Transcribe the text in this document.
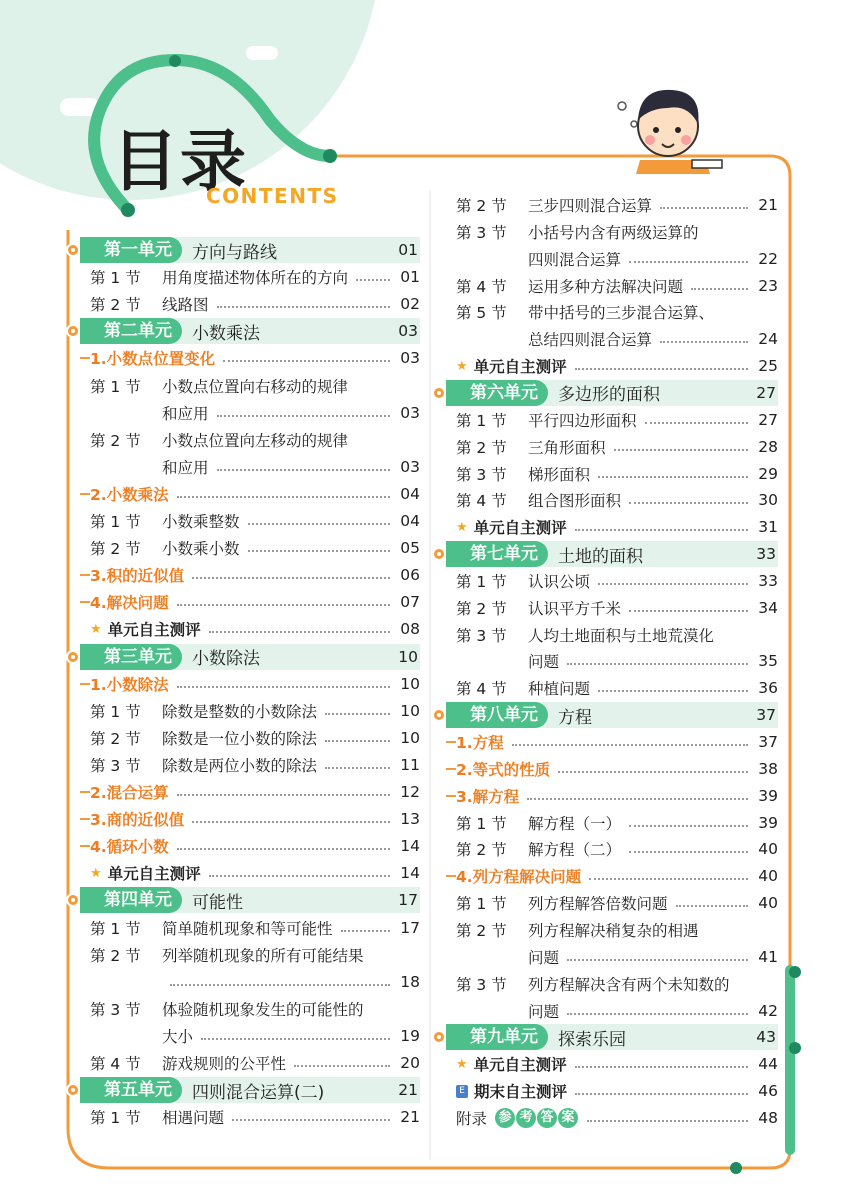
目录
CONTENTS
第一单元	方向与路线	01
第 1 节	用角度描述物体所在的方向	01
第 2 节	线路图	02
第二单元	小数乘法	03
1.小数点位置变化	03
第 1 节	小数点位置向右移动的规律
和应用	03
第 2 节	小数点位置向左移动的规律
和应用	03
2.小数乘法	04
第 1 节	小数乘整数	04
第 2 节	小数乘小数	05
3.积的近似值	06
4.解决问题	07
★ 单元自主测评	08
第三单元	小数除法	10
1.小数除法	10
第 1 节	除数是整数的小数除法	10
第 2 节	除数是一位小数的除法	10
第 3 节	除数是两位小数的除法	11
2.混合运算	12
3.商的近似值	13
4.循环小数	14
★ 单元自主测评	14
第四单元	可能性	17
第 1 节	简单随机现象和等可能性	17
第 2 节	列举随机现象的所有可能结果
18
第 3 节	体验随机现象发生的可能性的
大小	19
第 4 节	游戏规则的公平性	20
第五单元	四则混合运算(二)	21
第 1 节	相遇问题	21
第 2 节	三步四则混合运算	21
第 3 节	小括号内含有两级运算的
四则混合运算	22
第 4 节	运用多种方法解决问题	23
第 5 节	带中括号的三步混合运算、
总结四则混合运算	24
★ 单元自主测评	25
第六单元	多边形的面积	27
第 1 节	平行四边形面积	27
第 2 节	三角形面积	28
第 3 节	梯形面积	29
第 4 节	组合图形面积	30
★ 单元自主测评	31
第七单元	土地的面积	33
第 1 节	认识公顷	33
第 2 节	认识平方千米	34
第 3 节	人均土地面积与土地荒漠化
问题	35
第 4 节	种植问题	36
第八单元	方程	37
1.方程	37
2.等式的性质	38
3.解方程	39
第 1 节	解方程（一）	39
第 2 节	解方程（二）	40
4.列方程解决问题	40
第 1 节	列方程解答倍数问题	40
第 2 节	列方程解决稍复杂的相遇
问题	41
第 3 节	列方程解决含有两个未知数的
问题	42
第九单元	探索乐园	43
★ 单元自主测评	44
E 期末自主测评	46
附录 参 考 答 案	48
